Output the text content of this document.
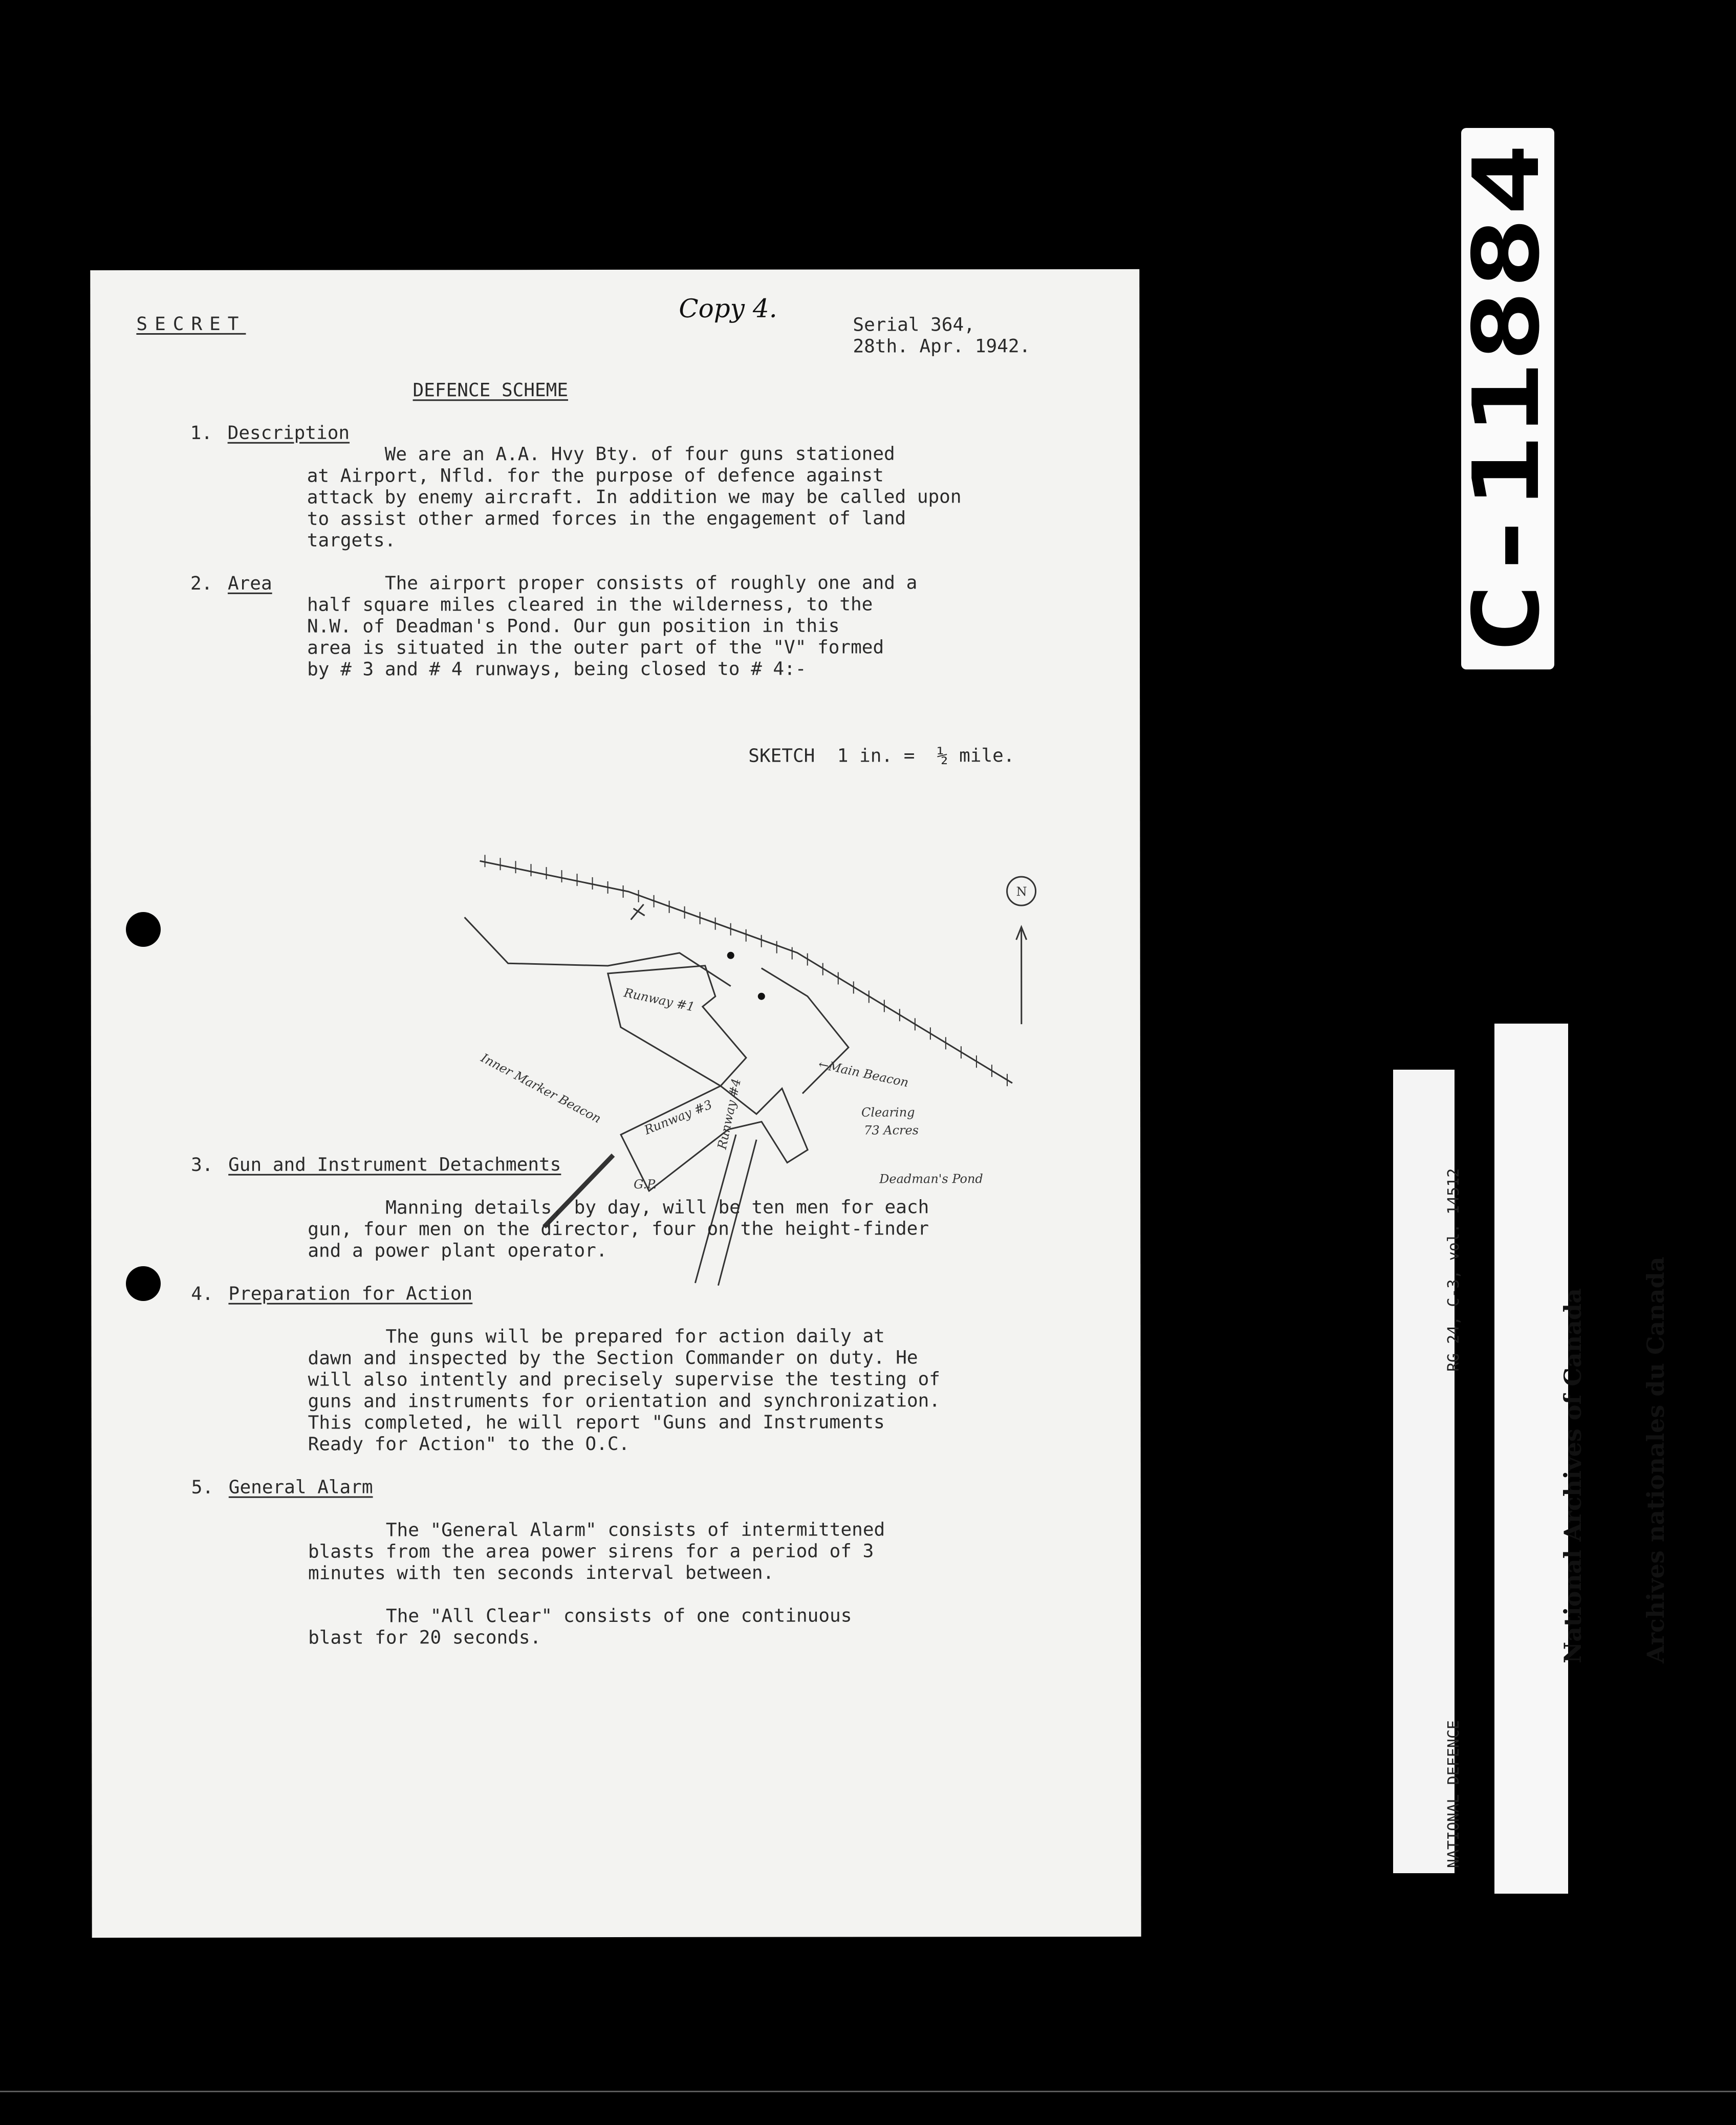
SECRET
Copy 4.
Serial 364,
28th. Apr. 1942.
DEFENCE SCHEME
1. Description
We are an A.A. Hvy Bty. of four guns stationed
at Airport, Nfld. for the purpose of defence against
attack by enemy aircraft. In addition we may be called upon
to assist other armed forces in the engagement of land
targets.
2. Area	The airport proper consists of roughly one and a
half square miles cleared in the wilderness, to the
N.W. of Deadman's Pond. Our gun position in this
area is situated in the outer part of the "V" formed
by # 3 and # 4 runways, being closed to # 4:-
SKETCH  1 in. =  ½ mile.
N
Runway #1
Runway #3 Runway #4
←Main Beacon
Inner Marker Beacon	Clearing
73 Acres
Deadman's Pond
G.P.
3. Gun and Instrument Detachments
Manning details, by day, will be ten men for each
gun, four men on the director, four on the height-finder
and a power plant operator.
4. Preparation for Action
The guns will be prepared for action daily at
dawn and inspected by the Section Commander on duty. He
will also intently and precisely supervise the testing of
guns and instruments for orientation and synchronization.
This completed, he will report "Guns and Instruments
Ready for Action" to the O.C.
5. General Alarm
The "General Alarm" consists of intermittened
blasts from the area power sirens for a period of 3
minutes with ten seconds interval between.
The "All Clear" consists of one continuous
blast for 20 seconds.
C-11884

RG 24, C-3, vol. 14512

NATIONAL DEFENCE

National Archives of Canada

Archives nationales du Canada
